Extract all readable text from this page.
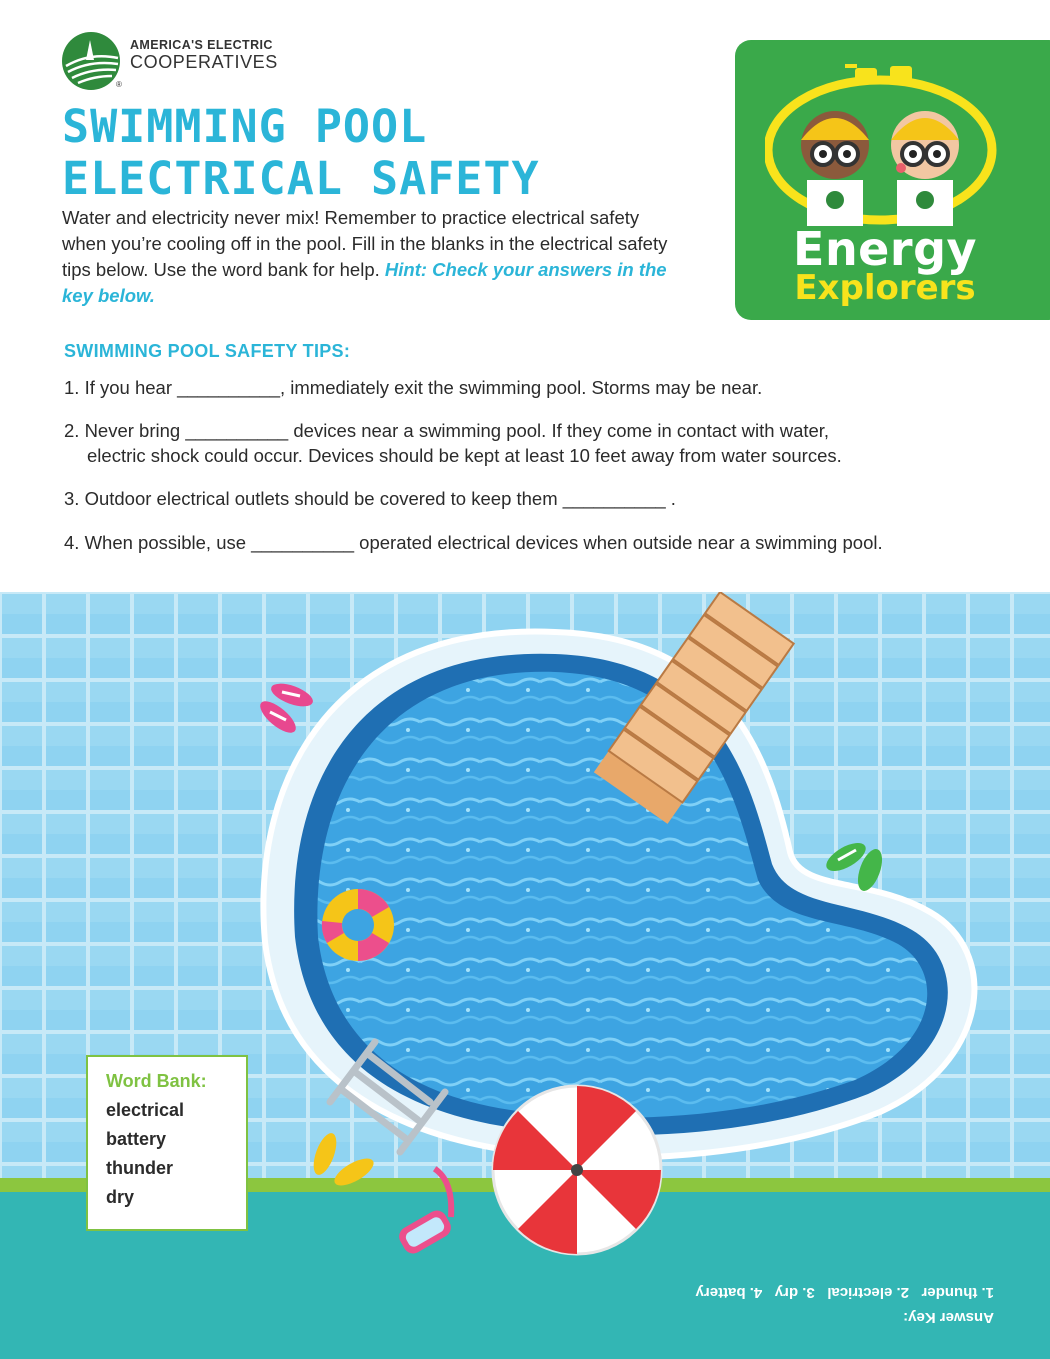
AMERICA'S ELECTRIC
COOPERATIVES
®
SWIMMING POOL
ELECTRICAL SAFETY
Water and electricity never mix! Remember to practice electrical safety when you’re cooling off in the pool. Fill in the blanks in the electrical safety tips below. Use the word bank for help. Hint: Check your answers in the key below.
Energy
Explorers
SWIMMING POOL SAFETY TIPS:
1. If you hear __________, immediately exit the swimming pool. Storms may be near.
2. Never bring __________ devices near a swimming pool. If they come in contact with water,
electric shock could occur. Devices should be kept at least 10 feet away from water sources.
3. Outdoor electrical outlets should be covered to keep them __________ .
4. When possible, use __________ operated electrical devices when outside near a swimming pool.
Word Bank:
electrical
battery
thunder
dry
Answer Key:
1. thunder   2. electrical   3. dry   4. battery
